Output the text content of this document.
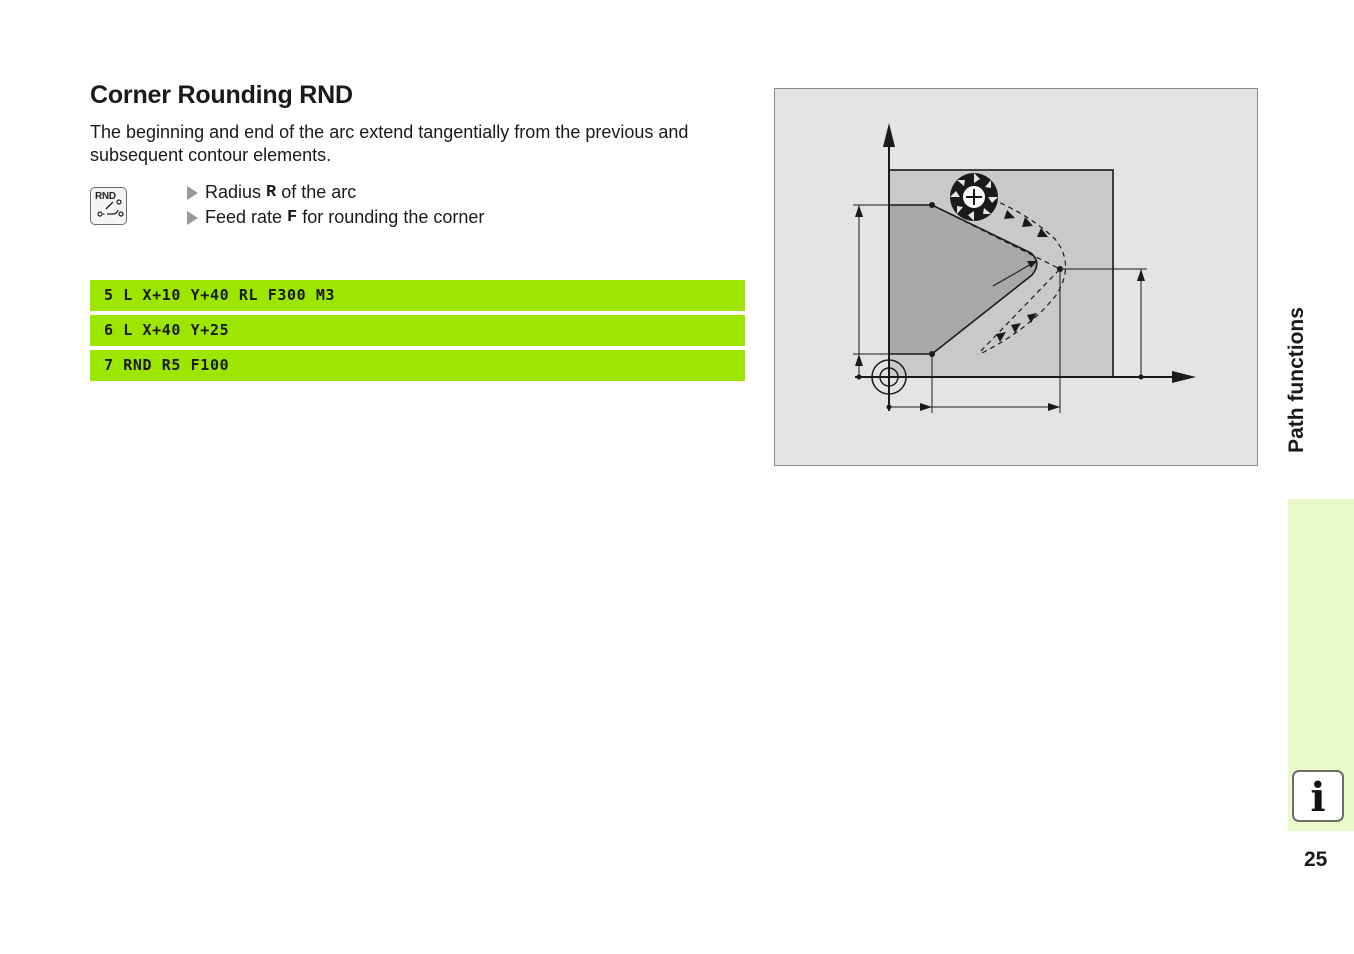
Corner Rounding RND

The beginning and end of the arc extend tangentially from the previous and subsequent contour elements.

RND	Radius R of the arc
Feed rate F for rounding the corner
5 L X+10 Y+40 RL F300 M3
6 L X+40 Y+25
7 RND R5 F100	Path functions
i
25
